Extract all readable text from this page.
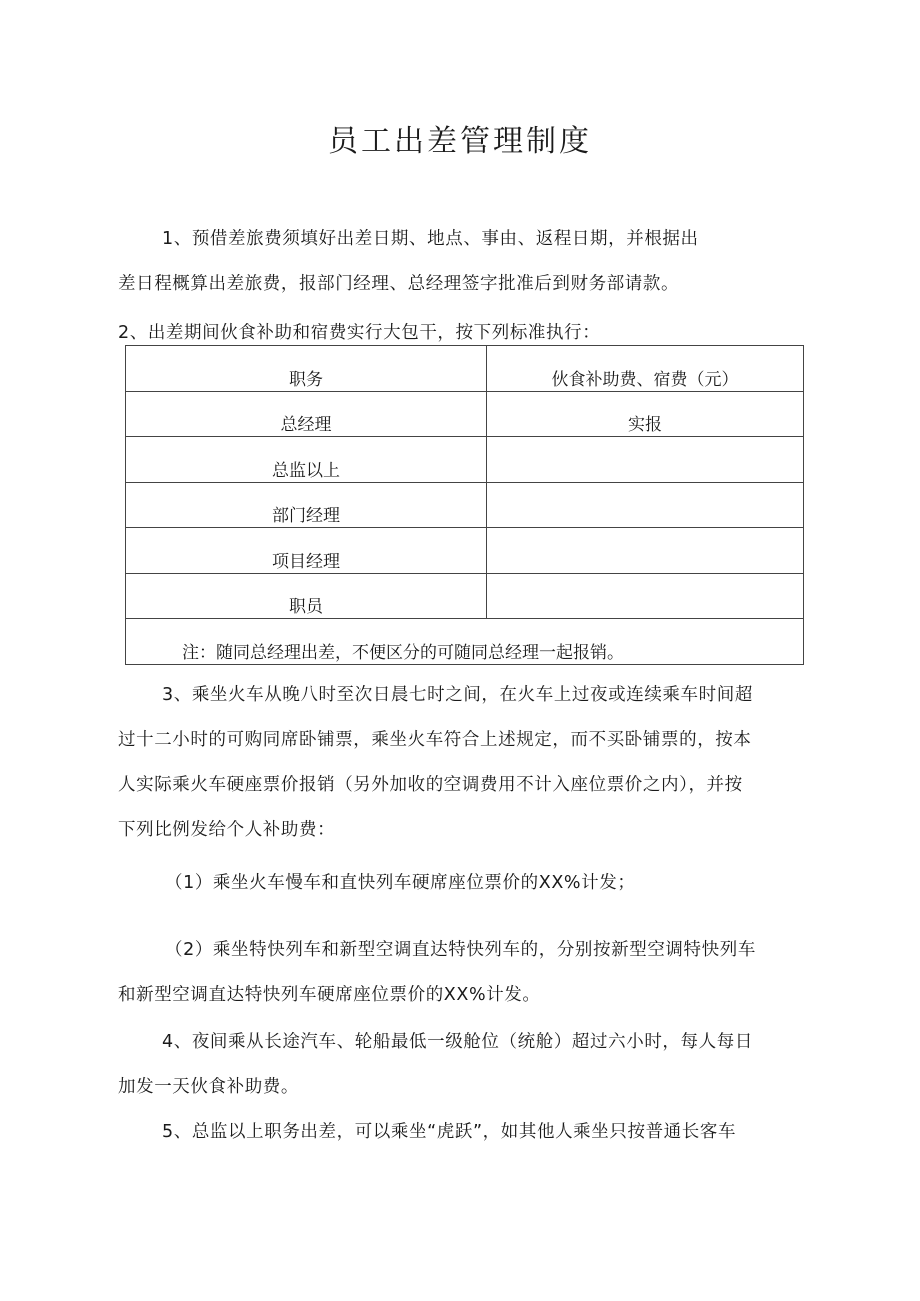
员工出差管理制度
1、预借差旅费须填好出差日期、地点、事由、返程日期，并根据出
差日程概算出差旅费，报部门经理、总经理签字批准后到财务部请款。
2、出差期间伙食补助和宿费实行大包干，按下列标准执行：
职务	伙食补助费、宿费（元）
总经理	实报
总监以上	
部门经理	
项目经理	
职员	
注：随同总经理出差，不便区分的可随同总经理一起报销。	
3、乘坐火车从晚八时至次日晨七时之间，在火车上过夜或连续乘车时间超
过十二小时的可购同席卧铺票，乘坐火车符合上述规定，而不买卧铺票的，按本
人实际乘火车硬座票价报销（另外加收的空调费用不计入座位票价之内），并按
下列比例发给个人补助费：
（1）乘坐火车慢车和直快列车硬席座位票价的XX%计发；
（2）乘坐特快列车和新型空调直达特快列车的，分别按新型空调特快列车
和新型空调直达特快列车硬席座位票价的XX%计发。
4、夜间乘从长途汽车、轮船最低一级舱位（统舱）超过六小时，每人每日
加发一天伙食补助费。
5、总监以上职务出差，可以乘坐“虎跃”，如其他人乘坐只按普通长客车
